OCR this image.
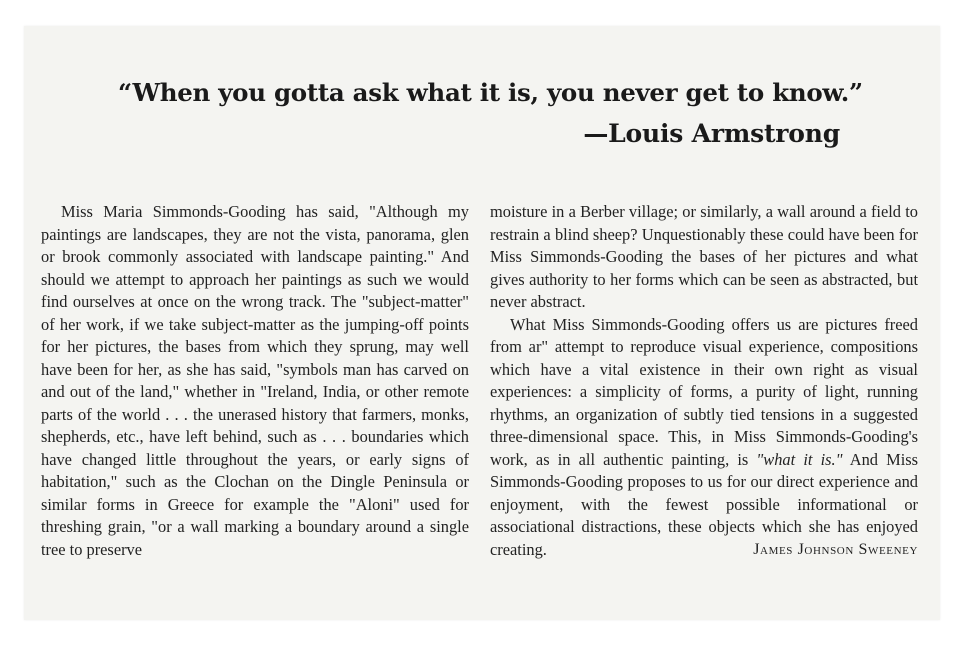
“When you gotta ask what it is, you never get to know.”
—Louis Armstrong

Miss Maria Simmonds-Gooding has said, "Although my paintings are landscapes, they are not the vista, panorama, glen or brook commonly associated with landscape painting." And should we attempt to approach her paintings as such we would find ourselves at once on the wrong track. The "subject-matter" of her work, if we take subject-matter as the jumping-off points for her pictures, the bases from which they sprung, may well have been for her, as she has said, "symbols man has carved on and out of the land," whether in "Ireland, India, or other remote parts of the world . . . the unerased history that farmers, monks, shepherds, etc., have left behind, such as . . . boundaries which have changed little throughout the years, or early signs of habitation," such as the Clochan on the Dingle Peninsula or similar forms in Greece for example the "Aloni" used for threshing grain, "or a wall marking a boundary around a single tree to preserve

moisture in a Berber village; or similarly, a wall around a field to restrain a blind sheep? Unquestionably these could have been for Miss Simmonds-Gooding the bases of her pictures and what gives authority to her forms which can be seen as abstracted, but never abstract.

What Miss Simmonds-Gooding offers us are pictures freed from ar" attempt to reproduce visual experience, compositions which have a vital existence in their own right as visual experiences: a simplicity of forms, a purity of light, running rhythms, an organization of subtly tied tensions in a suggested three-dimensional space. This, in Miss Simmonds-Gooding's work, as in all authentic painting, is "what it is." And Miss Simmonds-Gooding proposes to us for our direct experience and enjoyment, with the fewest possible informational or associational distractions, these objects which she has enjoyed creating.	James Johnson Sweeney
